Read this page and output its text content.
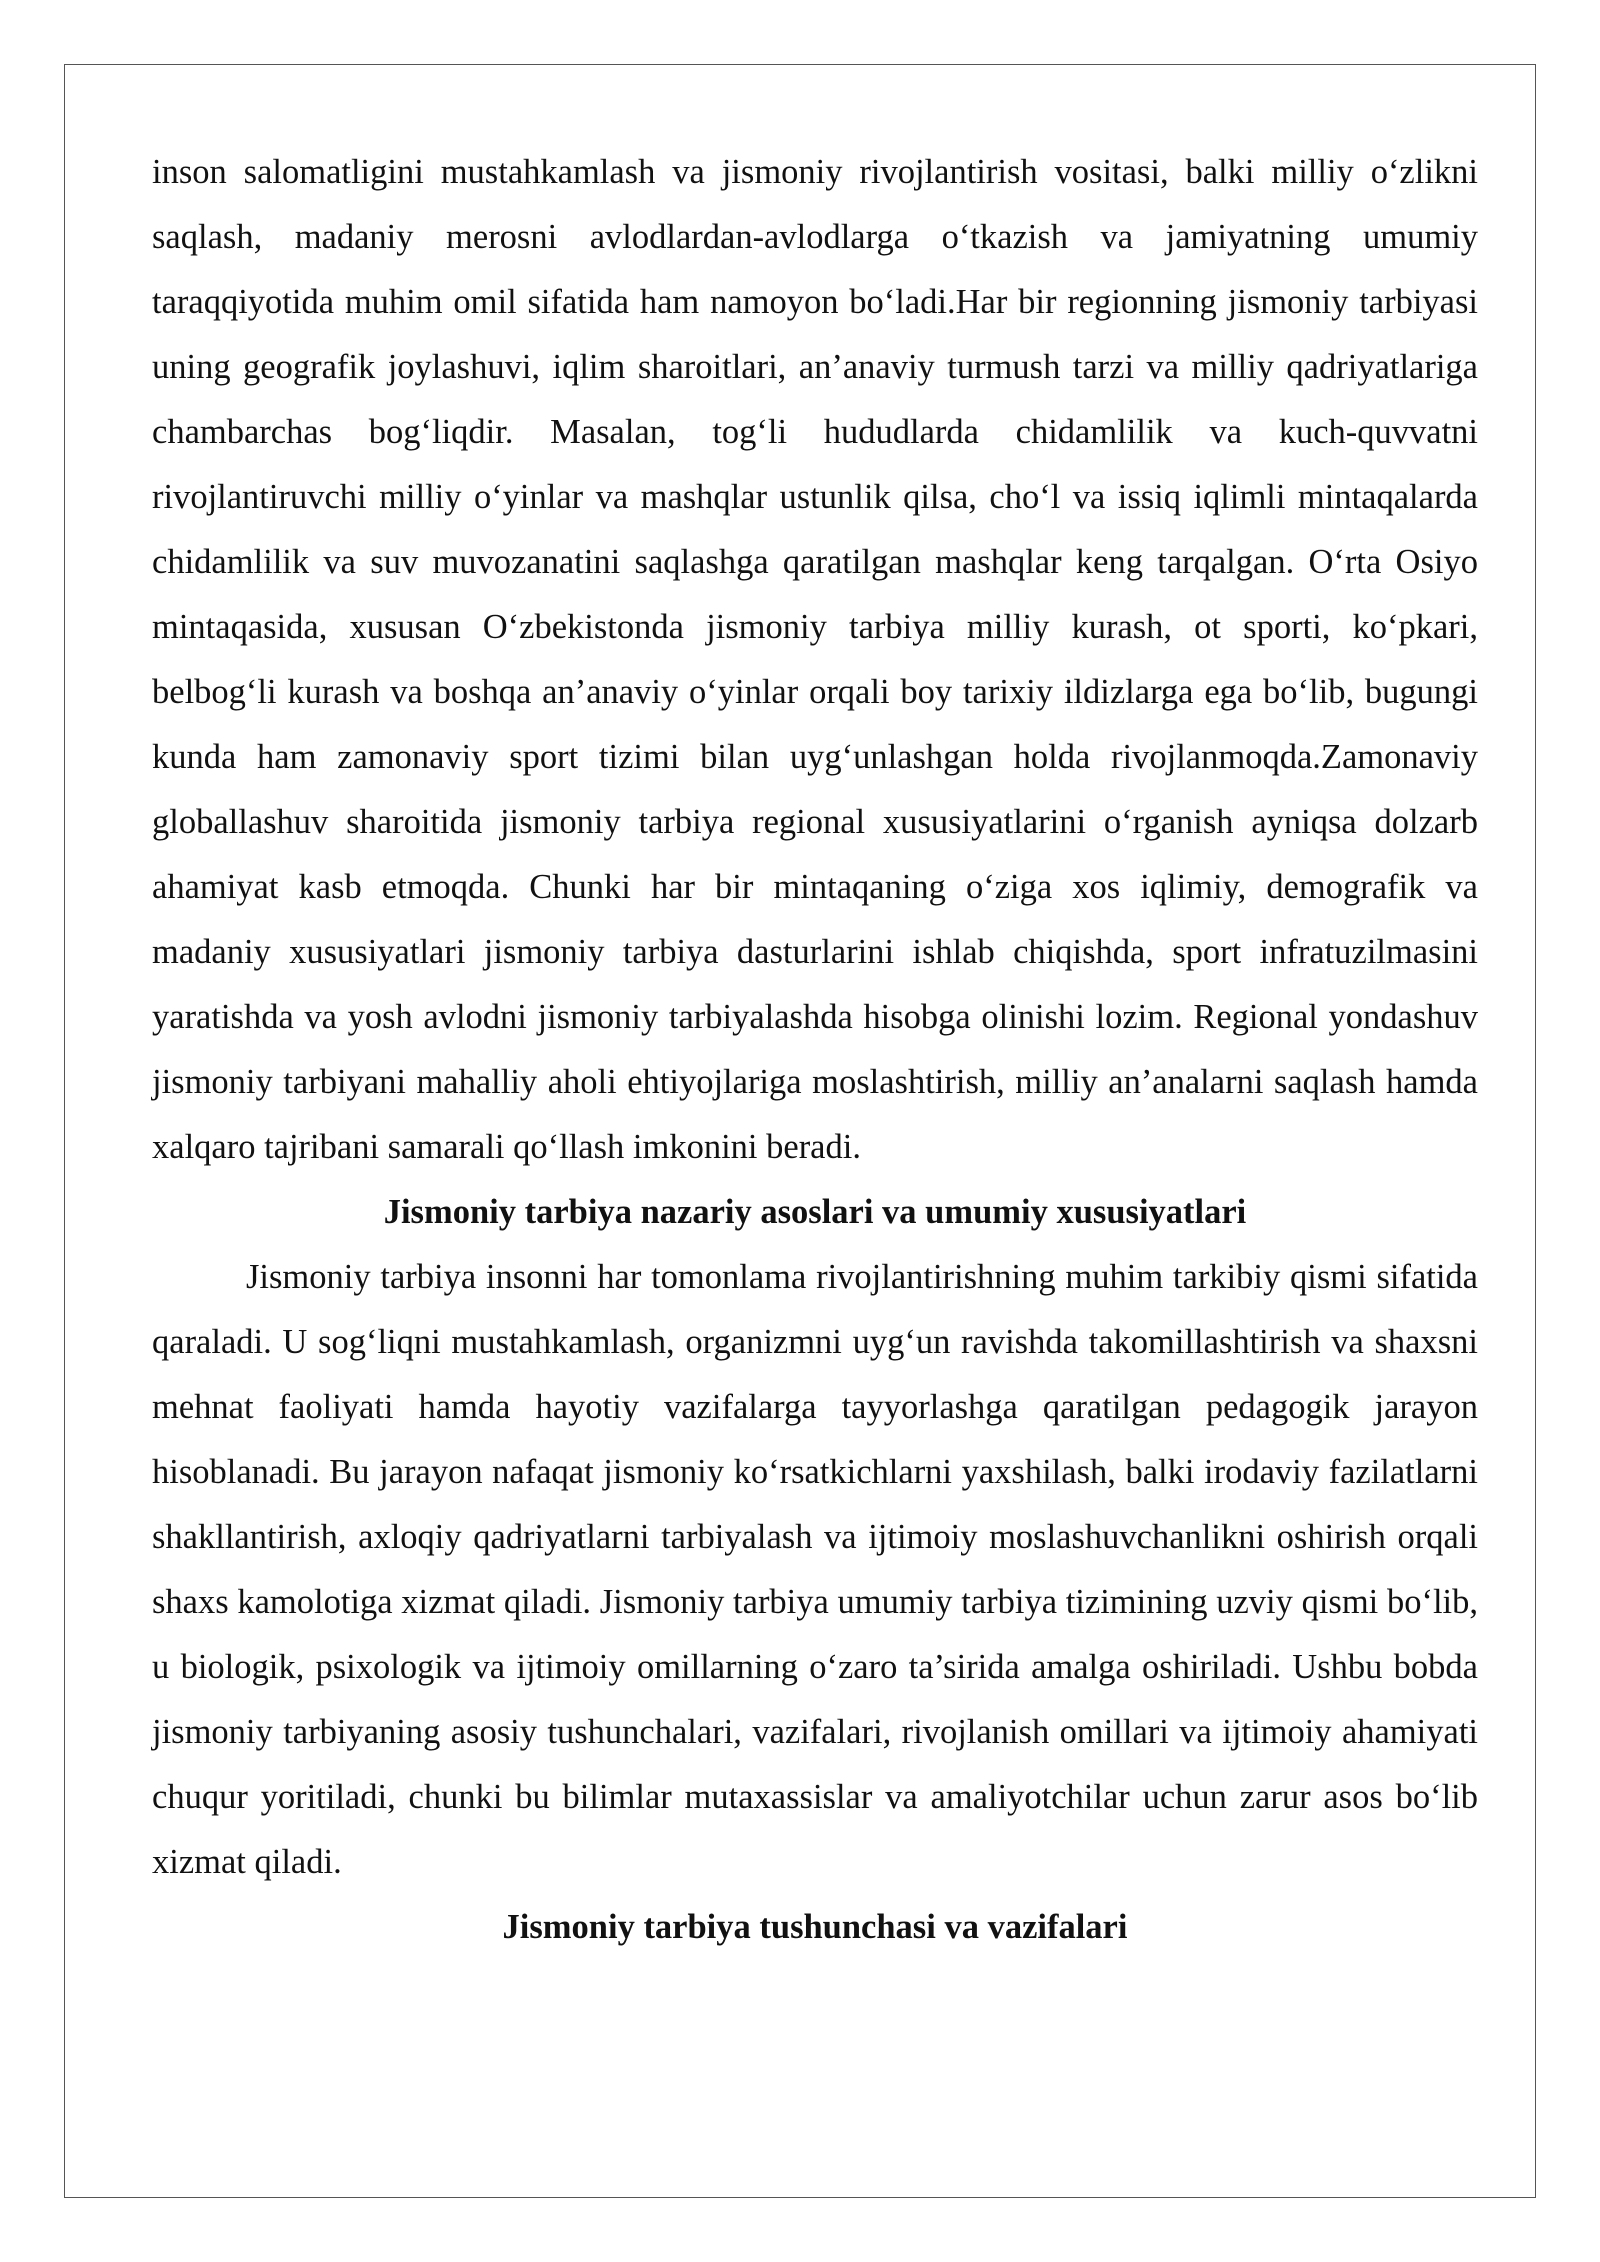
inson salomatligini mustahkamlash va jismoniy rivojlantirish vositasi, balki milliy o‘zlikni saqlash, madaniy merosni avlodlardan-avlodlarga o‘tkazish va jamiyatning umumiy taraqqiyotida muhim omil sifatida ham namoyon bo‘ladi.Har bir regionning jismoniy tarbiyasi uning geografik joylashuvi, iqlim sharoitlari, an’anaviy turmush tarzi va milliy qadriyatlariga chambarchas bog‘liqdir. Masalan, tog‘li hududlarda chidamlilik va kuch-quvvatni rivojlantiruvchi milliy o‘yinlar va mashqlar ustunlik qilsa, cho‘l va issiq iqlimli mintaqalarda chidamlilik va suv muvozanatini saqlashga qaratilgan mashqlar keng tarqalgan. O‘rta Osiyo mintaqasida, xususan O‘zbekistonda jismoniy tarbiya milliy kurash, ot sporti, ko‘pkari, belbog‘li kurash va boshqa an’anaviy o‘yinlar orqali boy tarixiy ildizlarga ega bo‘lib, bugungi kunda ham zamonaviy sport tizimi bilan uyg‘unlashgan holda rivojlanmoqda.Zamonaviy globallashuv sharoitida jismoniy tarbiya regional xususiyatlarini o‘rganish ayniqsa dolzarb ahamiyat kasb etmoqda. Chunki har bir mintaqaning o‘ziga xos iqlimiy, demografik va madaniy xususiyatlari jismoniy tarbiya dasturlarini ishlab chiqishda, sport infratuzilmasini yaratishda va yosh avlodni jismoniy tarbiyalashda hisobga olinishi lozim. Regional yondashuv jismoniy tarbiyani mahalliy aholi ehtiyojlariga moslashtirish, milliy an’analarni saqlash hamda xalqaro tajribani samarali qo‘llash imkonini beradi.

Jismoniy tarbiya nazariy asoslari va umumiy xususiyatlari

Jismoniy tarbiya insonni har tomonlama rivojlantirishning muhim tarkibiy qismi sifatida qaraladi. U sog‘liqni mustahkamlash, organizmni uyg‘un ravishda takomillashtirish va shaxsni mehnat faoliyati hamda hayotiy vazifalarga tayyorlashga qaratilgan pedagogik jarayon hisoblanadi. Bu jarayon nafaqat jismoniy ko‘rsatkichlarni yaxshilash, balki irodaviy fazilatlarni shakllantirish, axloqiy qadriyatlarni tarbiyalash va ijtimoiy moslashuvchanlikni oshirish orqali shaxs kamolotiga xizmat qiladi. Jismoniy tarbiya umumiy tarbiya tizimining uzviy qismi bo‘lib, u biologik, psixologik va ijtimoiy omillarning o‘zaro ta’sirida amalga oshiriladi. Ushbu bobda jismoniy tarbiyaning asosiy tushunchalari, vazifalari, rivojlanish omillari va ijtimoiy ahamiyati chuqur yoritiladi, chunki bu bilimlar mutaxassislar va amaliyotchilar uchun zarur asos bo‘lib xizmat qiladi.

Jismoniy tarbiya tushunchasi va vazifalari
